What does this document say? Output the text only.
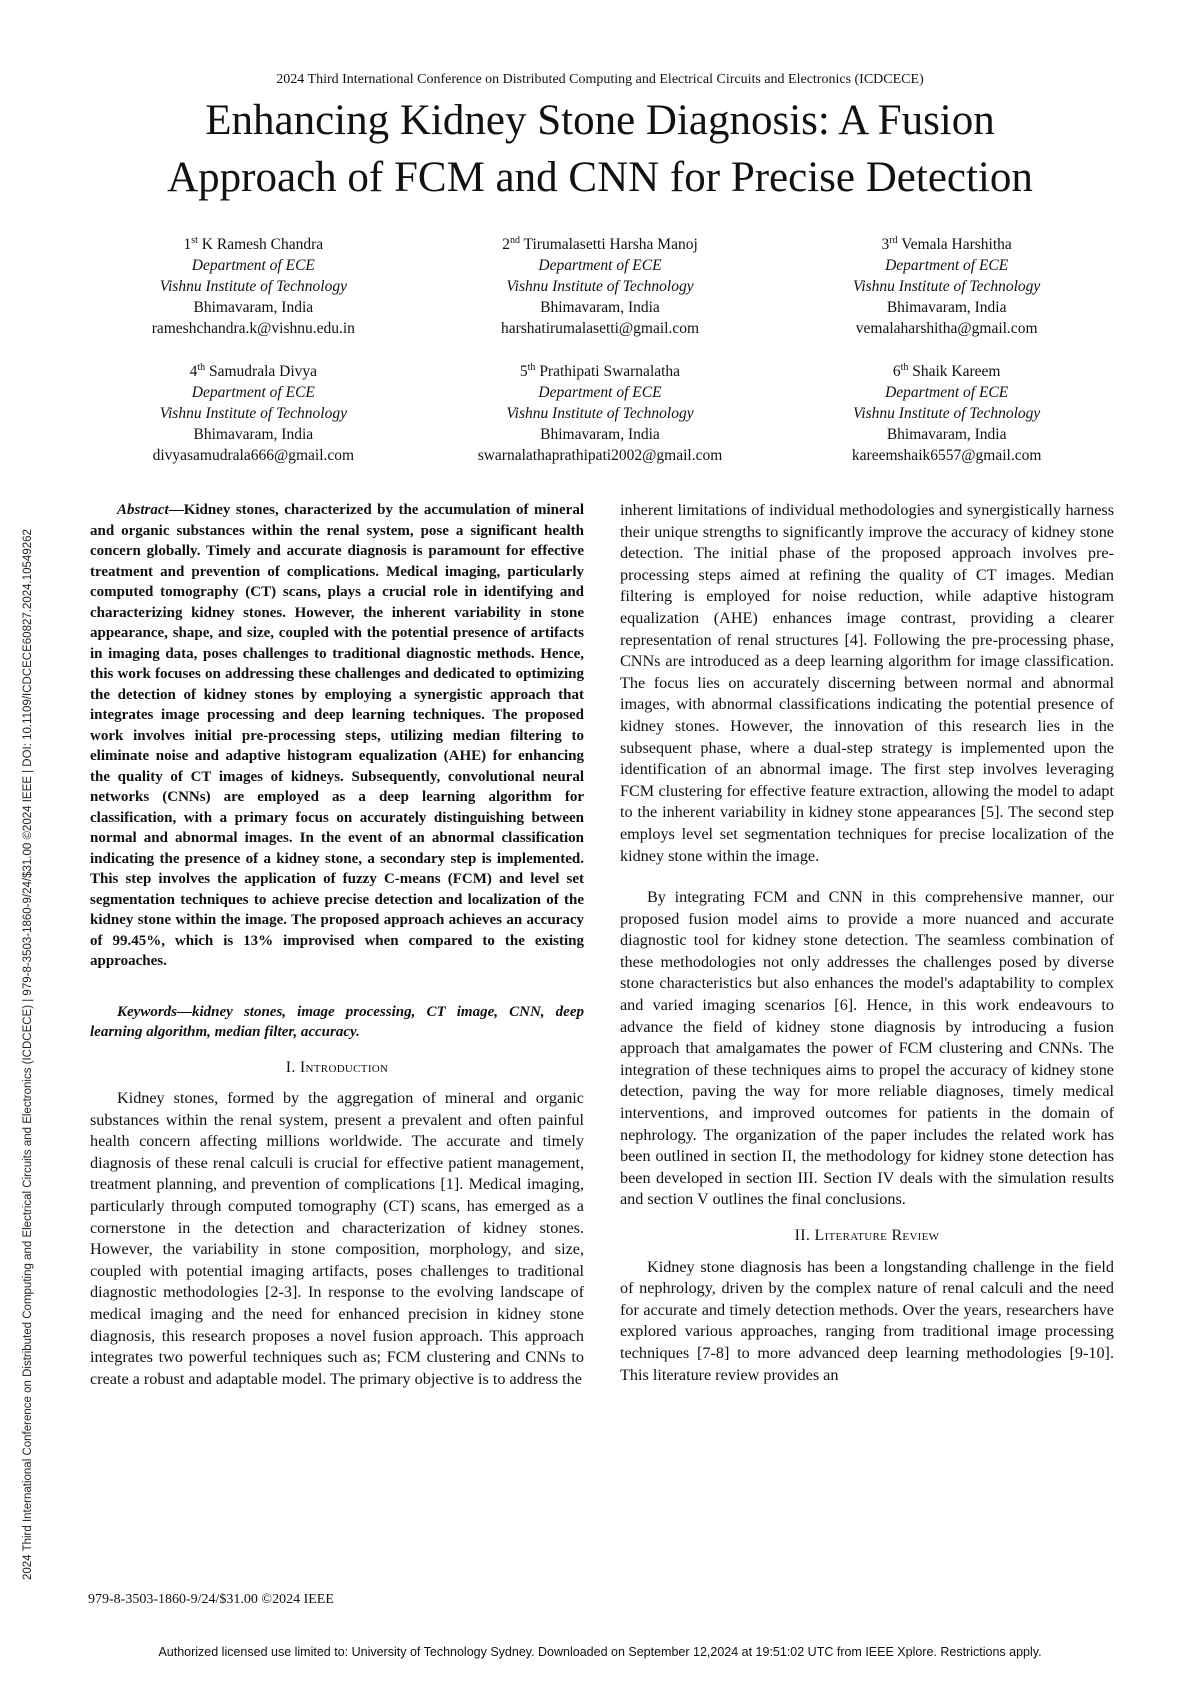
2024 Third International Conference on Distributed Computing and Electrical Circuits and Electronics (ICDCECE)
Enhancing Kidney Stone Diagnosis: A Fusion
Approach of FCM and CNN for Precise Detection
2024 Third International Conference on Distributed Computing and Electrical Circuits and Electronics (ICDCECE) | 979-8-3503-1860-9/24/$31.00 ©2024 IEEE | DOI: 10.1109/ICDCECE60827.2024.10549262
1st K Ramesh Chandra
Department of ECE
Vishnu Institute of Technology
Bhimavaram, India
rameshchandra.k@vishnu.edu.in
2nd Tirumalasetti Harsha Manoj
Department of ECE
Vishnu Institute of Technology
Bhimavaram, India
harshatirumalasetti@gmail.com
3rd Vemala Harshitha
Department of ECE
Vishnu Institute of Technology
Bhimavaram, India
vemalaharshitha@gmail.com
4th Samudrala Divya
Department of ECE
Vishnu Institute of Technology
Bhimavaram, India
divyasamudrala666@gmail.com
5th Prathipati Swarnalatha
Department of ECE
Vishnu Institute of Technology
Bhimavaram, India
swarnalathaprathipati2002@gmail.com
6th Shaik Kareem
Department of ECE
Vishnu Institute of Technology
Bhimavaram, India
kareemshaik6557@gmail.com

Abstract—Kidney stones, characterized by the accumulation of mineral and organic substances within the renal system, pose a significant health concern globally. Timely and accurate diagnosis is paramount for effective treatment and prevention of complications. Medical imaging, particularly computed tomography (CT) scans, plays a crucial role in identifying and characterizing kidney stones. However, the inherent variability in stone appearance, shape, and size, coupled with the potential presence of artifacts in imaging data, poses challenges to traditional diagnostic methods. Hence, this work focuses on addressing these challenges and dedicated to optimizing the detection of kidney stones by employing a synergistic approach that integrates image processing and deep learning techniques. The proposed work involves initial pre-processing steps, utilizing median filtering to eliminate noise and adaptive histogram equalization (AHE) for enhancing the quality of CT images of kidneys. Subsequently, convolutional neural networks (CNNs) are employed as a deep learning algorithm for classification, with a primary focus on accurately distinguishing between normal and abnormal images. In the event of an abnormal classification indicating the presence of a kidney stone, a secondary step is implemented. This step involves the application of fuzzy C-means (FCM) and level set segmentation techniques to achieve precise detection and localization of the kidney stone within the image. The proposed approach achieves an accuracy of 99.45%, which is 13% improvised when compared to the existing approaches.

Keywords—kidney stones, image processing, CT image, CNN, deep learning algorithm, median filter, accuracy.

I. Introduction

Kidney stones, formed by the aggregation of mineral and organic substances within the renal system, present a prevalent and often painful health concern affecting millions worldwide. The accurate and timely diagnosis of these renal calculi is crucial for effective patient management, treatment planning, and prevention of complications [1]. Medical imaging, particularly through computed tomography (CT) scans, has emerged as a cornerstone in the detection and characterization of kidney stones. However, the variability in stone composition, morphology, and size, coupled with potential imaging artifacts, poses challenges to traditional diagnostic methodologies [2-3]. In response to the evolving landscape of medical imaging and the need for enhanced precision in kidney stone diagnosis, this research proposes a novel fusion approach. This approach integrates two powerful techniques such as; FCM clustering and CNNs to create a robust and adaptable model. The primary objective is to address the

inherent limitations of individual methodologies and synergistically harness their unique strengths to significantly improve the accuracy of kidney stone detection. The initial phase of the proposed approach involves pre-processing steps aimed at refining the quality of CT images. Median filtering is employed for noise reduction, while adaptive histogram equalization (AHE) enhances image contrast, providing a clearer representation of renal structures [4]. Following the pre-processing phase, CNNs are introduced as a deep learning algorithm for image classification. The focus lies on accurately discerning between normal and abnormal images, with abnormal classifications indicating the potential presence of kidney stones. However, the innovation of this research lies in the subsequent phase, where a dual-step strategy is implemented upon the identification of an abnormal image. The first step involves leveraging FCM clustering for effective feature extraction, allowing the model to adapt to the inherent variability in kidney stone appearances [5]. The second step employs level set segmentation techniques for precise localization of the kidney stone within the image.

By integrating FCM and CNN in this comprehensive manner, our proposed fusion model aims to provide a more nuanced and accurate diagnostic tool for kidney stone detection. The seamless combination of these methodologies not only addresses the challenges posed by diverse stone characteristics but also enhances the model's adaptability to complex and varied imaging scenarios [6]. Hence, in this work endeavours to advance the field of kidney stone diagnosis by introducing a fusion approach that amalgamates the power of FCM clustering and CNNs. The integration of these techniques aims to propel the accuracy of kidney stone detection, paving the way for more reliable diagnoses, timely medical interventions, and improved outcomes for patients in the domain of nephrology. The organization of the paper includes the related work has been outlined in section II, the methodology for kidney stone detection has been developed in section III. Section IV deals with the simulation results and section V outlines the final conclusions.

II. Literature Review

Kidney stone diagnosis has been a longstanding challenge in the field of nephrology, driven by the complex nature of renal calculi and the need for accurate and timely detection methods. Over the years, researchers have explored various approaches, ranging from traditional image processing techniques [7-8] to more advanced deep learning methodologies [9-10]. This literature review provides an

979-8-3503-1860-9/24/$31.00 ©2024 IEEE
Authorized licensed use limited to: University of Technology Sydney. Downloaded on September 12,2024 at 19:51:02 UTC from IEEE Xplore. Restrictions apply.
